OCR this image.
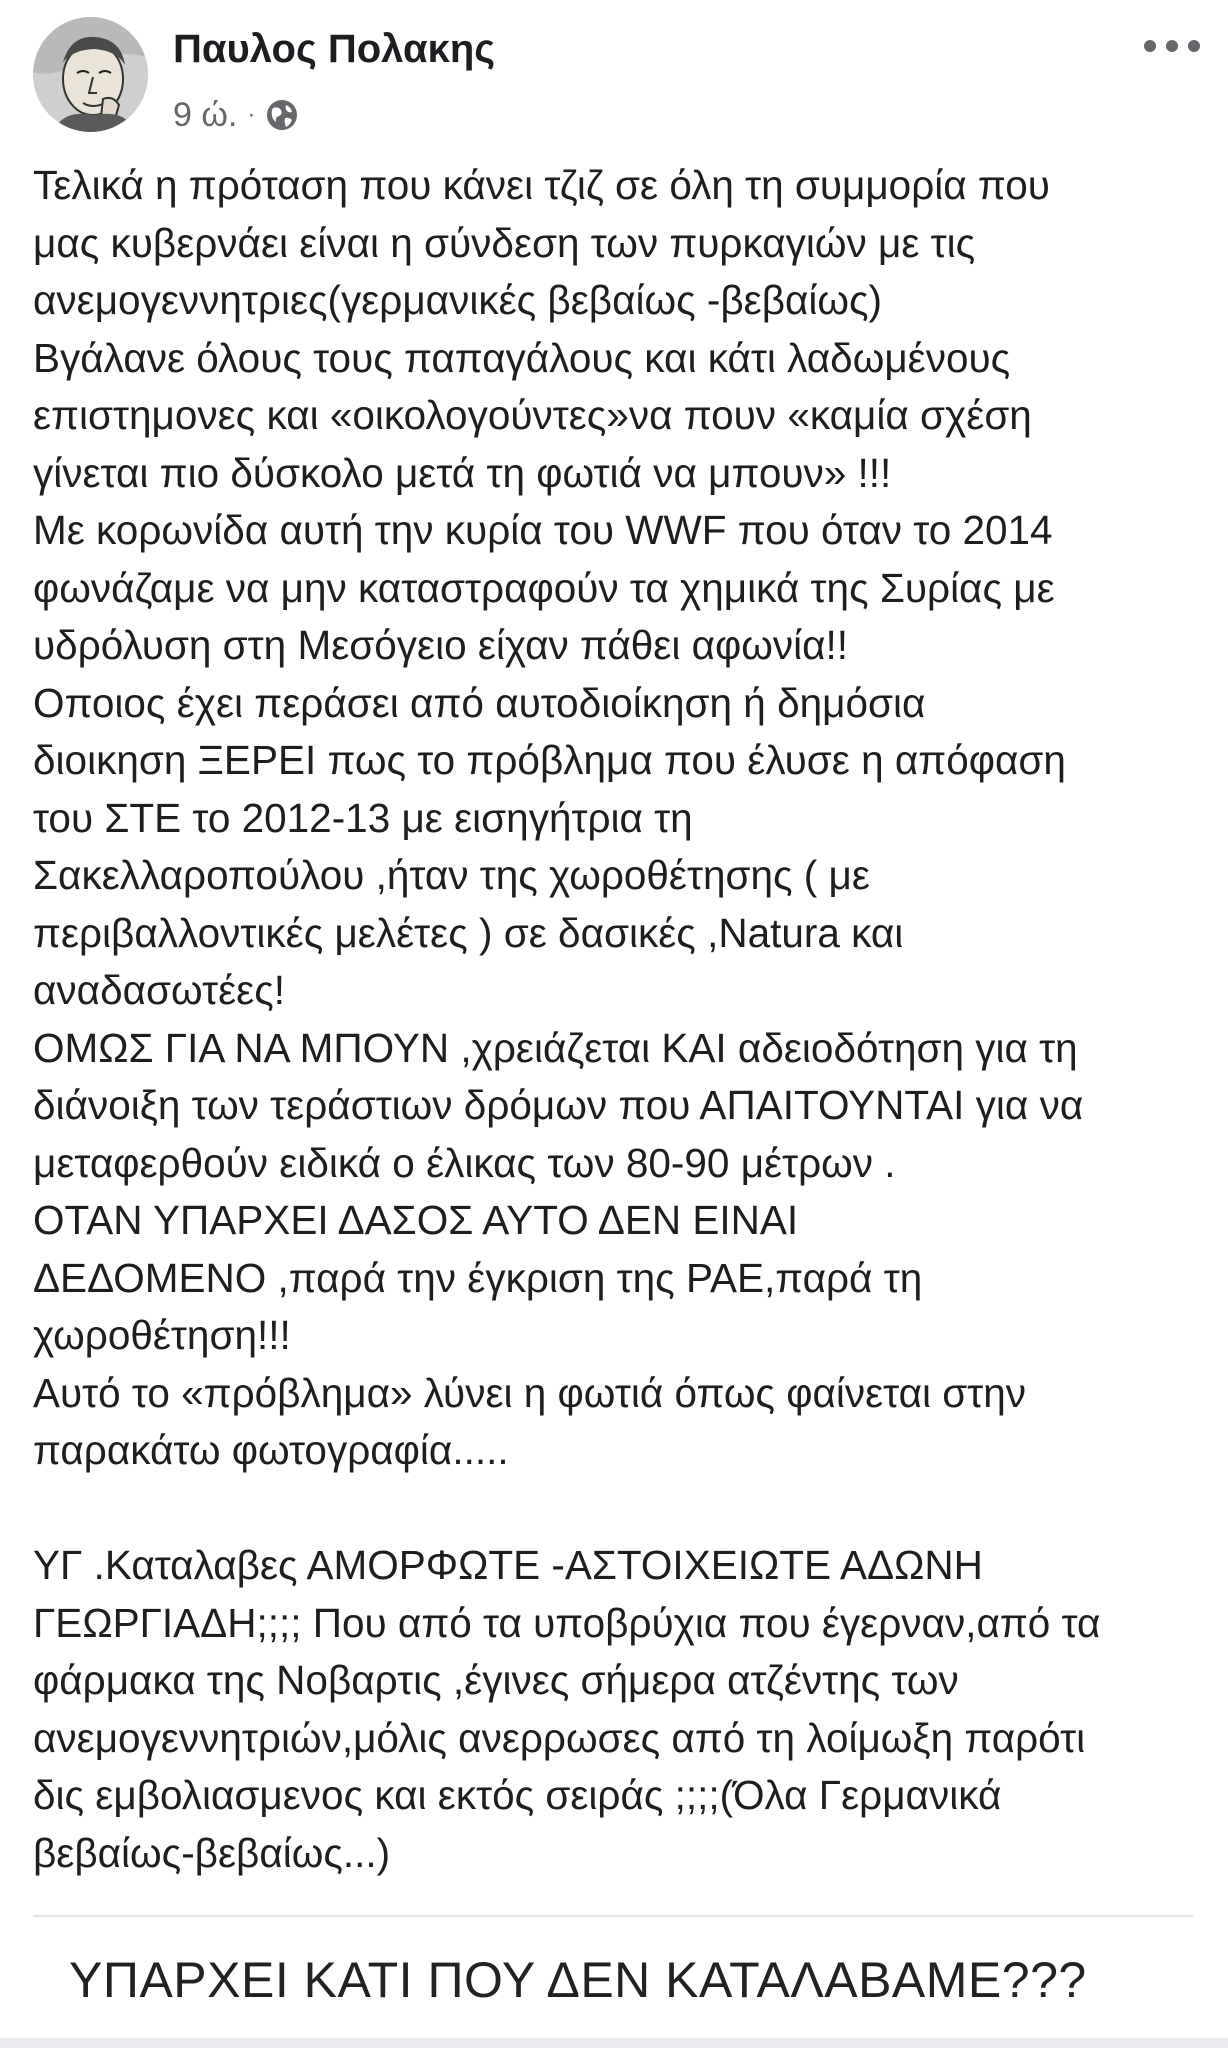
Παυλος Πολακης
9 ώ. ·
Τελικά η πρόταση που κάνει τζιζ σε όλη τη συμμορία που
μας κυβερνάει είναι η σύνδεση των πυρκαγιών με τις
ανεμογεννητριες(γερμανικές βεβαίως -βεβαίως)
Βγάλανε όλους τους παπαγάλους και κάτι λαδωμένους
επιστημονες και «οικολογούντες»να πουν «καμία σχέση
γίνεται πιο δύσκολο μετά τη φωτιά να μπουν» !!!
Με κορωνίδα αυτή την κυρία του WWF που όταν το 2014
φωνάζαμε να μην καταστραφούν τα χημικά της Συρίας με
υδρόλυση στη Μεσόγειο είχαν πάθει αφωνία!!
Οποιος έχει περάσει από αυτοδιοίκηση ή δημόσια
διοικηση ΞΕΡΕΙ πως το πρόβλημα που έλυσε η απόφαση
του ΣΤΕ το 2012-13 με εισηγήτρια τη
Σακελλαροπούλου ,ήταν της χωροθέτησης ( με
περιβαλλοντικές μελέτες ) σε δασικές ,Natura και
αναδασωτέες!
ΟΜΩΣ ΓΙΑ ΝΑ ΜΠΟΥΝ ,χρειάζεται ΚΑΙ αδειοδότηση για τη
διάνοιξη των τεράστιων δρόμων που ΑΠΑΙΤΟΥΝΤΑΙ για να
μεταφερθούν ειδικά ο έλικας των 80-90 μέτρων .
ΟΤΑΝ ΥΠΑΡΧΕΙ ΔΑΣΟΣ ΑΥΤΟ ΔΕΝ ΕΙΝΑΙ
ΔΕΔΟΜΕΝΟ ,παρά την έγκριση της ΡΑΕ,παρά τη
χωροθέτηση!!!
Αυτό το «πρόβλημα» λύνει η φωτιά όπως φαίνεται στην
παρακάτω φωτογραφία.....
ΥΓ .Καταλαβες ΑΜΟΡΦΩΤΕ -ΑΣΤΟΙΧΕΙΩΤΕ ΑΔΩΝΗ
ΓΕΩΡΓΙΑΔΗ;;;; Που από τα υποβρύχια που έγερναν,από τα
φάρμακα της Νοβαρτις ,έγινες σήμερα ατζέντης των
ανεμογεννητριών,μόλις ανερρωσες από τη λοίμωξη παρότι
δις εμβολιασμενος και εκτός σειράς ;;;;(Όλα Γερμανικά
βεβαίως-βεβαίως...)
ΥΠΑΡΧΕΙ ΚΑΤΙ ΠΟΥ ΔΕΝ ΚΑΤΑΛΑΒΑΜΕ???
